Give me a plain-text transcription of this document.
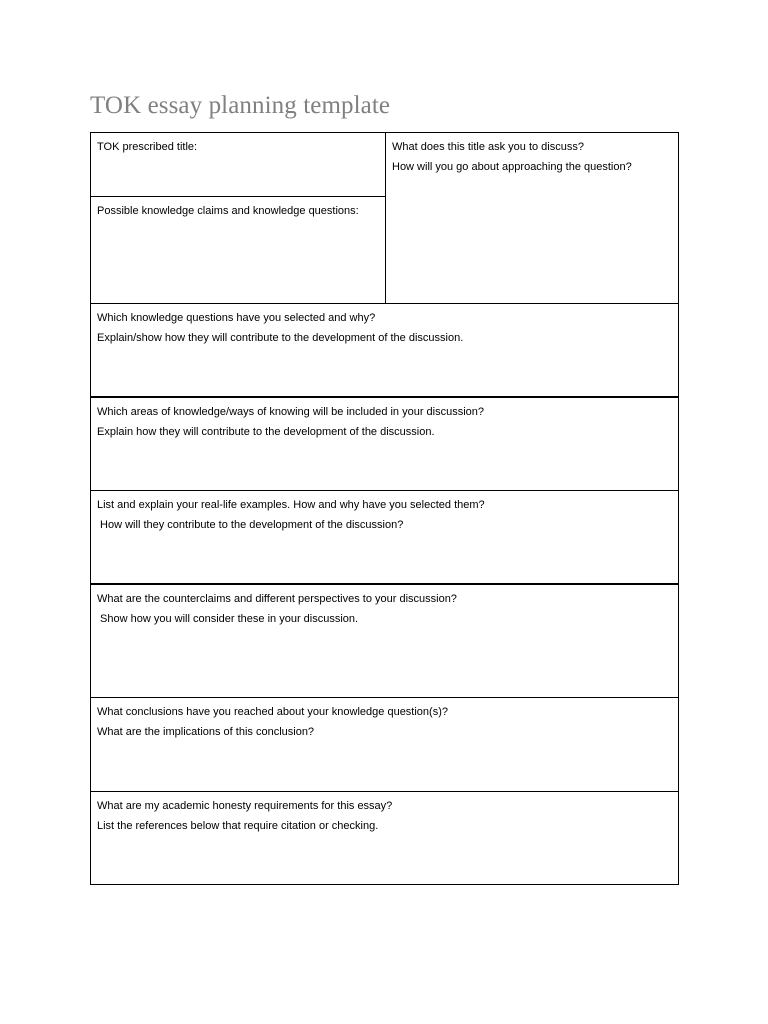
TOK essay planning template

TOK prescribed title:	What does this title ask you to discuss?

How will you go about approaching the question?

Possible knowledge claims and knowledge questions:

Which knowledge questions have you selected and why?

Explain/show how they will contribute to the development of the discussion.

Which areas of knowledge/ways of knowing will be included in your discussion?

Explain how they will contribute to the development of the discussion.

List and explain your real-life examples. How and why have you selected them?

How will they contribute to the development of the discussion?

What are the counterclaims and different perspectives to your discussion?

Show how you will consider these in your discussion.

What conclusions have you reached about your knowledge question(s)?

What are the implications of this conclusion?

What are my academic honesty requirements for this essay?

List the references below that require citation or checking.
